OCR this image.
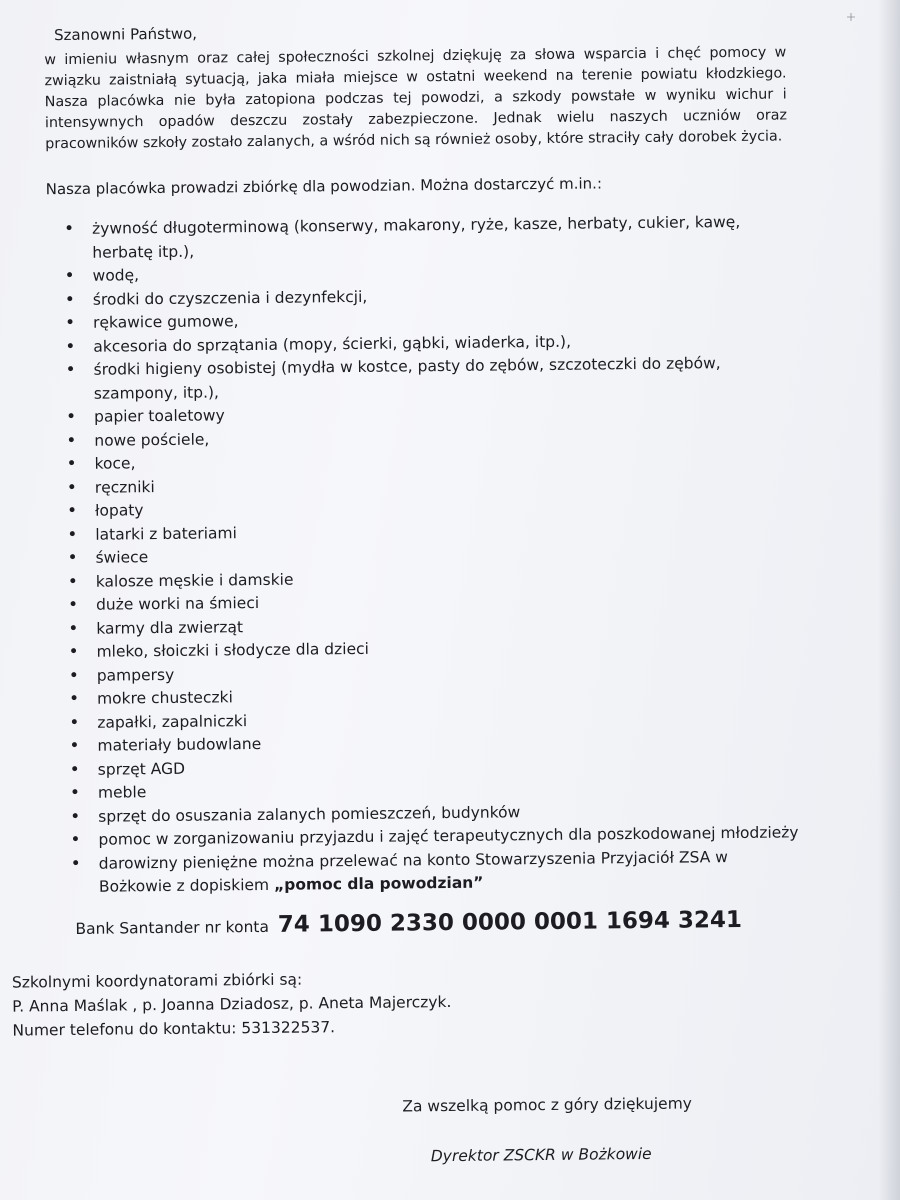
Szanowni Państwo,
w imieniu własnym oraz całej społeczności szkolnej dziękuję za słowa wsparcia i chęć pomocy w związku zaistniałą sytuacją, jaka miała miejsce w ostatni weekend na terenie powiatu kłodzkiego. Nasza placówka nie była zatopiona podczas tej powodzi, a szkody powstałe w wyniku wichur i intensywnych opadów deszczu zostały zabezpieczone. Jednak wielu naszych uczniów oraz pracowników szkoły zostało zalanych, a wśród nich są również osoby, które straciły cały dorobek życia.
Nasza placówka prowadzi zbiórkę dla powodzian. Można dostarczyć m.in.:
• żywność długoterminową (konserwy, makarony, ryże, kasze, herbaty, cukier, kawę, herbatę itp.),
• wodę,
• środki do czyszczenia i dezynfekcji,
• rękawice gumowe,
• akcesoria do sprzątania (mopy, ścierki, gąbki, wiaderka, itp.),
• środki higieny osobistej (mydła w kostce, pasty do zębów, szczoteczki do zębów, szampony, itp.),
• papier toaletowy
• nowe pościele,
• koce,
• ręczniki
• łopaty
• latarki z bateriami
• świece
• kalosze męskie i damskie
• duże worki na śmieci
• karmy dla zwierząt
• mleko, słoiczki i słodycze dla dzieci
• pampersy
• mokre chusteczki
• zapałki, zapalniczki
• materiały budowlane
• sprzęt AGD
• meble
• sprzęt do osuszania zalanych pomieszczeń, budynków
• pomoc w zorganizowaniu przyjazdu i zajęć terapeutycznych dla poszkodowanej młodzieży
• darowizny pieniężne można przelewać na konto Stowarzyszenia Przyjaciół ZSA w Bożkowie z dopiskiem „pomoc dla powodzian”
Bank Santander nr konta 74 1090 2330 0000 0001 1694 3241
Szkolnymi koordynatorami zbiórki są:
P. Anna Maślak , p. Joanna Dziadosz, p. Aneta Majerczyk.
Numer telefonu do kontaktu: 531322537.
Za wszelką pomoc z góry dziękujemy
Dyrektor ZSCKR w Bożkowie
